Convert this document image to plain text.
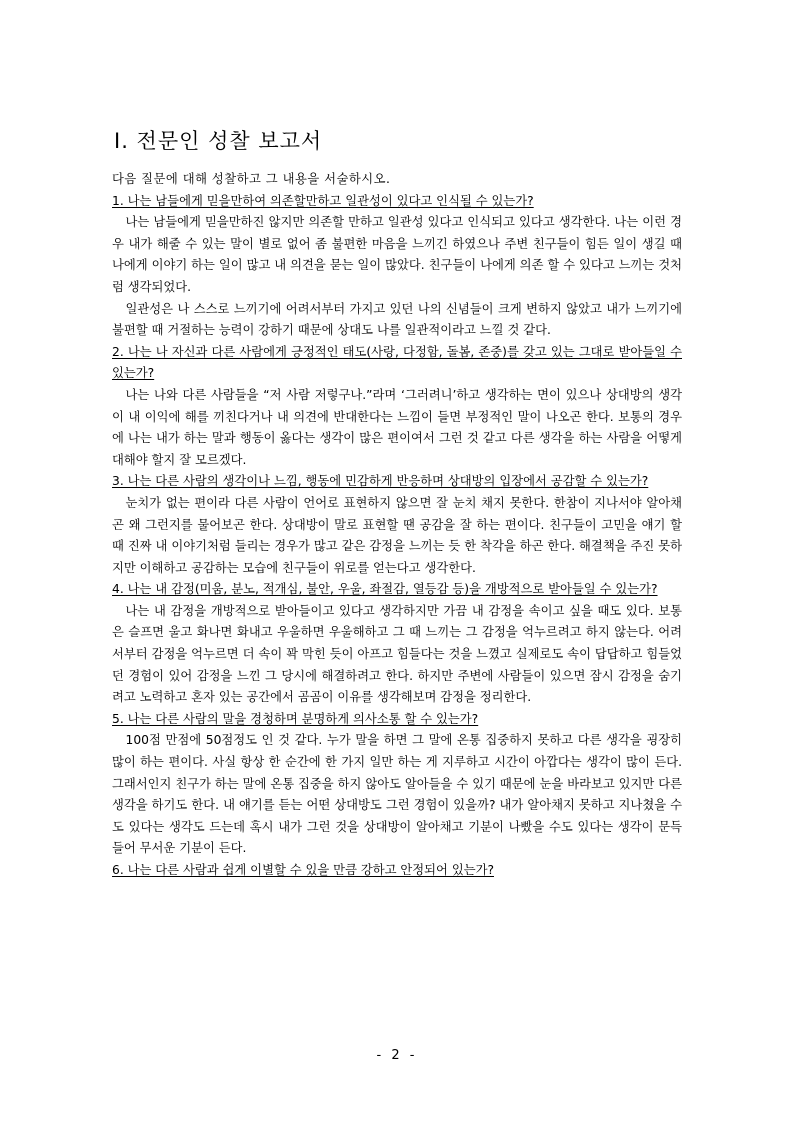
Ⅰ. 전문인 성찰 보고서

다음 질문에 대해 성찰하고 그 내용을 서술하시오.

1. 나는 남들에게 믿을만하여 의존할만하고 일관성이 있다고 인식될 수 있는가?

나는 남들에게 믿을만하진 않지만 의존할 만하고 일관성 있다고 인식되고 있다고 생각한다. 나는 이런 경우 내가 해줄 수 있는 말이 별로 없어 좀 불편한 마음을 느끼긴 하였으나 주변 친구들이 힘든 일이 생길 때 나에게 이야기 하는 일이 많고 내 의견을 묻는 일이 많았다. 친구들이 나에게 의존 할 수 있다고 느끼는 것처럼 생각되었다.

일관성은 나 스스로 느끼기에 어려서부터 가지고 있던 나의 신념들이 크게 변하지 않았고 내가 느끼기에 불편할 때 거절하는 능력이 강하기 때문에 상대도 나를 일관적이라고 느낄 것 같다.

2. 나는 나 자신과 다른 사람에게 긍정적인 태도(사랑, 다정함, 돌봄, 존중)를 갖고 있는 그대로 받아들일 수 있는가?

나는 나와 다른 사람들을 “저 사람 저렇구나.”라며 ‘그러려니’하고 생각하는 면이 있으나 상대방의 생각이 내 이익에 해를 끼친다거나 내 의견에 반대한다는 느낌이 들면 부정적인 말이 나오곤 한다. 보통의 경우에 나는 내가 하는 말과 행동이 옳다는 생각이 많은 편이여서 그런 것 같고 다른 생각을 하는 사람을 어떻게 대해야 할지 잘 모르겠다.

3. 나는 다른 사람의 생각이나 느낌, 행동에 민감하게 반응하며 상대방의 입장에서 공감할 수 있는가?

눈치가 없는 편이라 다른 사람이 언어로 표현하지 않으면 잘 눈치 채지 못한다. 한참이 지나서야 알아채곤 왜 그런지를 물어보곤 한다. 상대방이 말로 표현할 땐 공감을 잘 하는 편이다. 친구들이 고민을 얘기 할 때 진짜 내 이야기처럼 들리는 경우가 많고 같은 감정을 느끼는 듯 한 착각을 하곤 한다. 해결책을 주진 못하지만 이해하고 공감하는 모습에 친구들이 위로를 얻는다고 생각한다.

4. 나는 내 감정(미움, 분노, 적개심, 불안, 우울, 좌절감, 열등감 등)을 개방적으로 받아들일 수 있는가?

나는 내 감정을 개방적으로 받아들이고 있다고 생각하지만 가끔 내 감정을 속이고 싶을 때도 있다. 보통은 슬프면 울고 화나면 화내고 우울하면 우울해하고 그 때 느끼는 그 감정을 억누르려고 하지 않는다. 어려서부터 감정을 억누르면 더 속이 꽉 막힌 듯이 아프고 힘들다는 것을 느꼈고 실제로도 속이 답답하고 힘들었던 경험이 있어 감정을 느낀 그 당시에 해결하려고 한다. 하지만 주변에 사람들이 있으면 잠시 감정을 숨기려고 노력하고 혼자 있는 공간에서 곰곰이 이유를 생각해보며 감정을 정리한다.

5. 나는 다른 사람의 말을 경청하며 분명하게 의사소통 할 수 있는가?

100점 만점에 50점정도 인 것 같다. 누가 말을 하면 그 말에 온통 집중하지 못하고 다른 생각을 굉장히 많이 하는 편이다. 사실 항상 한 순간에 한 가지 일만 하는 게 지루하고 시간이 아깝다는 생각이 많이 든다. 그래서인지 친구가 하는 말에 온통 집중을 하지 않아도 알아들을 수 있기 때문에 눈을 바라보고 있지만 다른 생각을 하기도 한다. 내 얘기를 듣는 어떤 상대방도 그런 경험이 있을까? 내가 알아채지 못하고 지나쳤을 수도 있다는 생각도 드는데 혹시 내가 그런 것을 상대방이 알아채고 기분이 나빴을 수도 있다는 생각이 문득 들어 무서운 기분이 든다.

6. 나는 다른 사람과 쉽게 이별할 수 있을 만큼 강하고 안정되어 있는가?

- 2 -
